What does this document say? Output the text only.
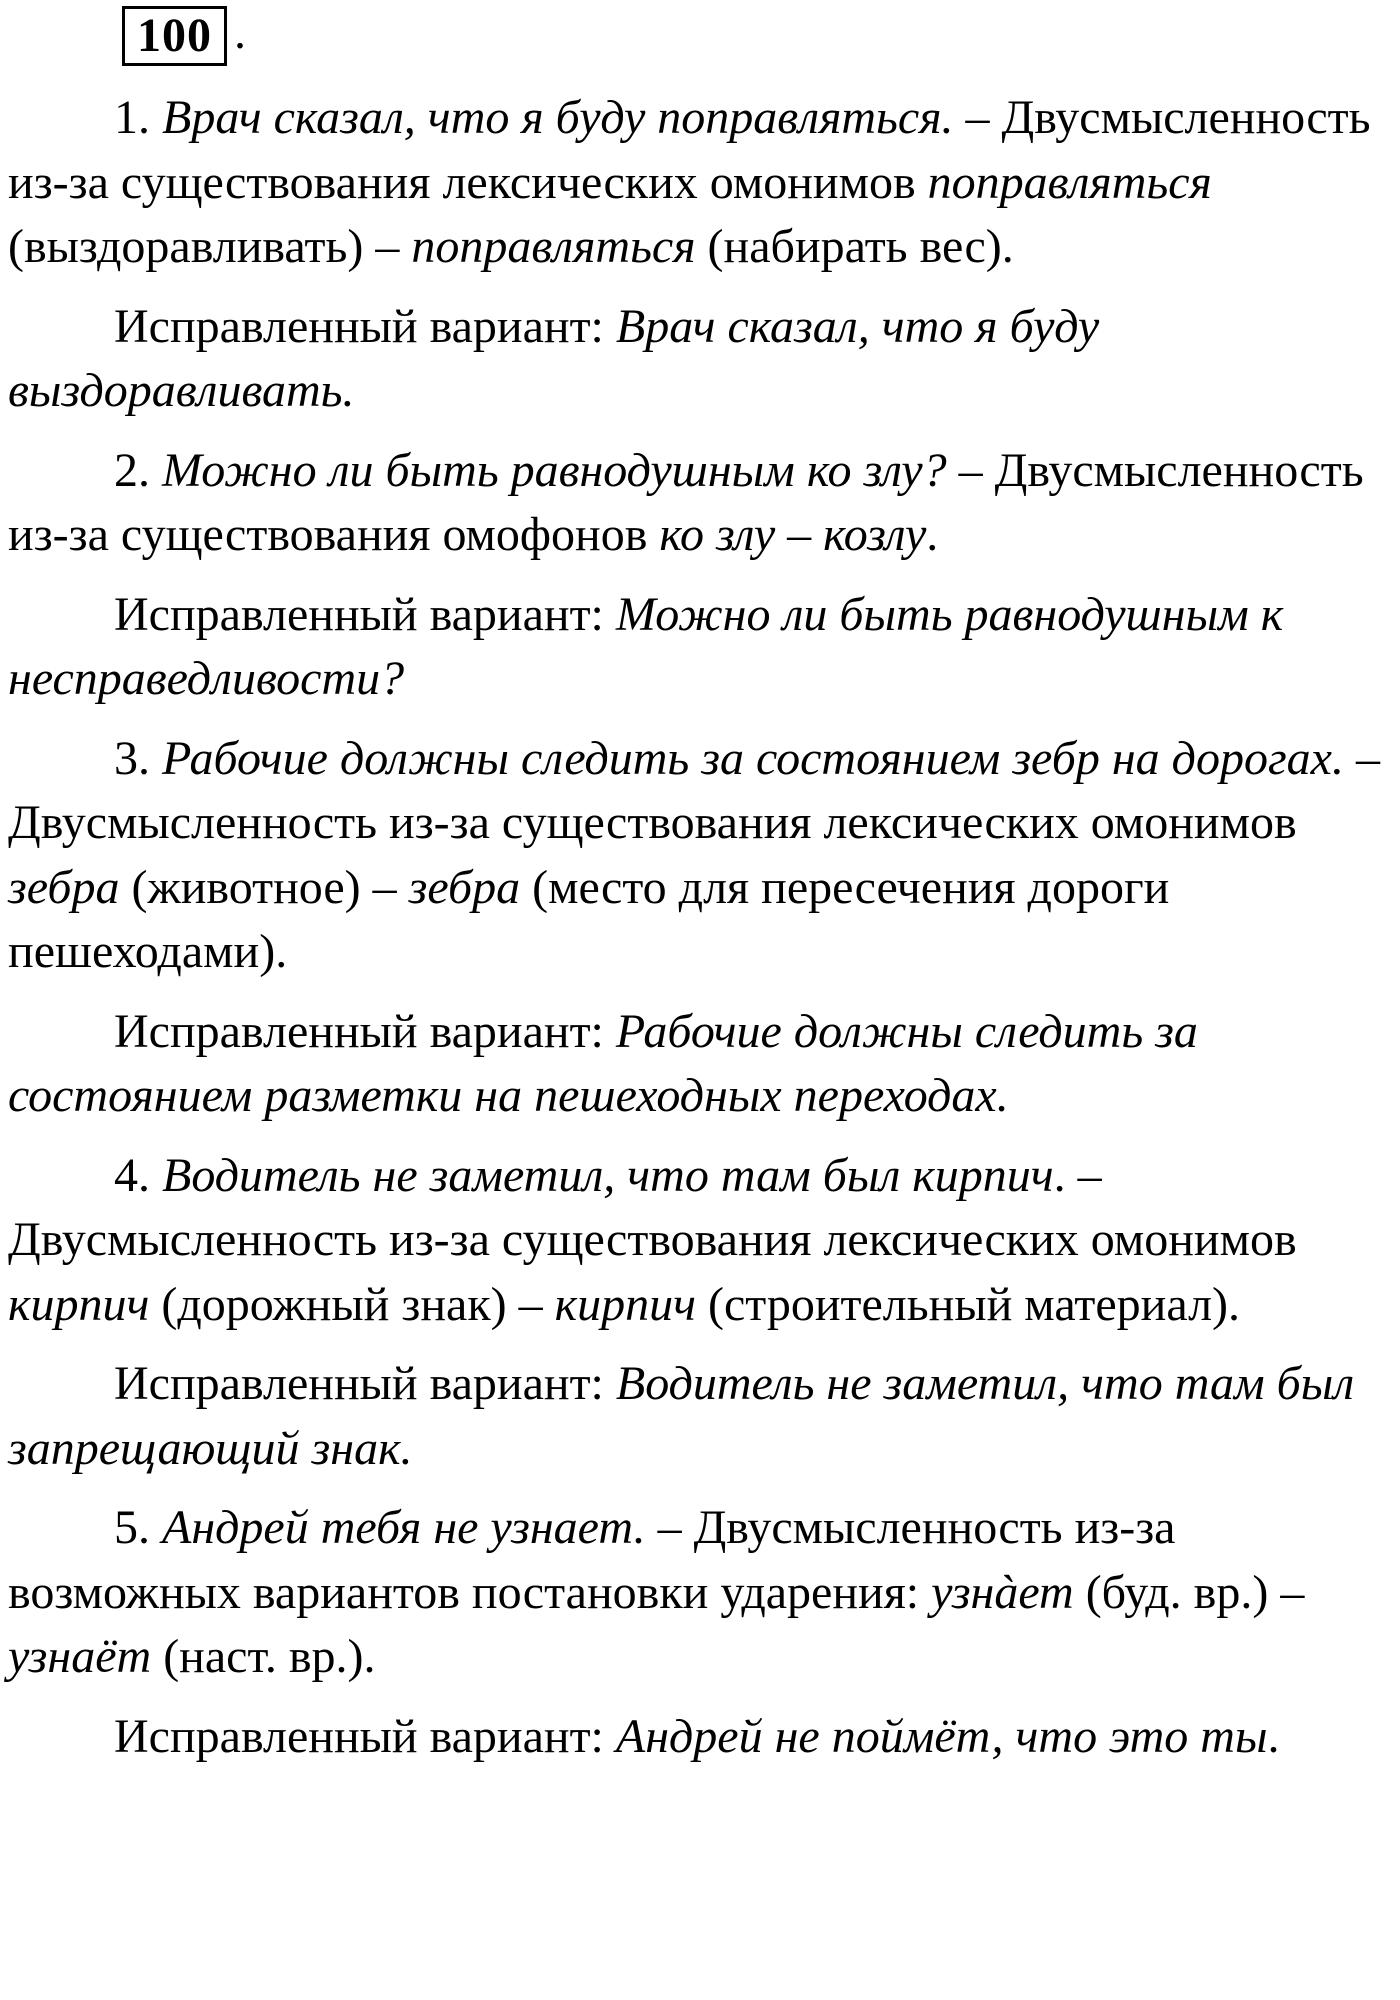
100 .

1. Врач сказал, что я буду поправляться. – Двусмысленность из-за существования лексических омонимов поправляться (выздоравливать) – поправляться (набирать вес).

Исправленный вариант: Врач сказал, что я буду выздоравливать.

2. Можно ли быть равнодушным ко злу? – Двусмысленность из-за существования омофонов ко злу – козлу.

Исправленный вариант: Можно ли быть равнодушным к несправедливости?

3. Рабочие должны следить за состоянием зебр на дорогах. – Двусмысленность из-за существования лексических омонимов зебра (животное) – зебра (место для пересечения дороги пешеходами).

Исправленный вариант: Рабочие должны следить за состоянием разметки на пешеходных переходах.

4. Водитель не заметил, что там был кирпич. – Двусмысленность из-за существования лексических омонимов кирпич (дорожный знак) – кирпич (строительный материал).

Исправленный вариант: Водитель не заметил, что там был запрещающий знак.

5. Андрей тебя не узнает. – Двусмысленность из-за возможных вариантов постановки ударения: узнàет (буд. вр.) – узнаёт (наст. вр.).

Исправленный вариант: Андрей не поймёт, что это ты.
